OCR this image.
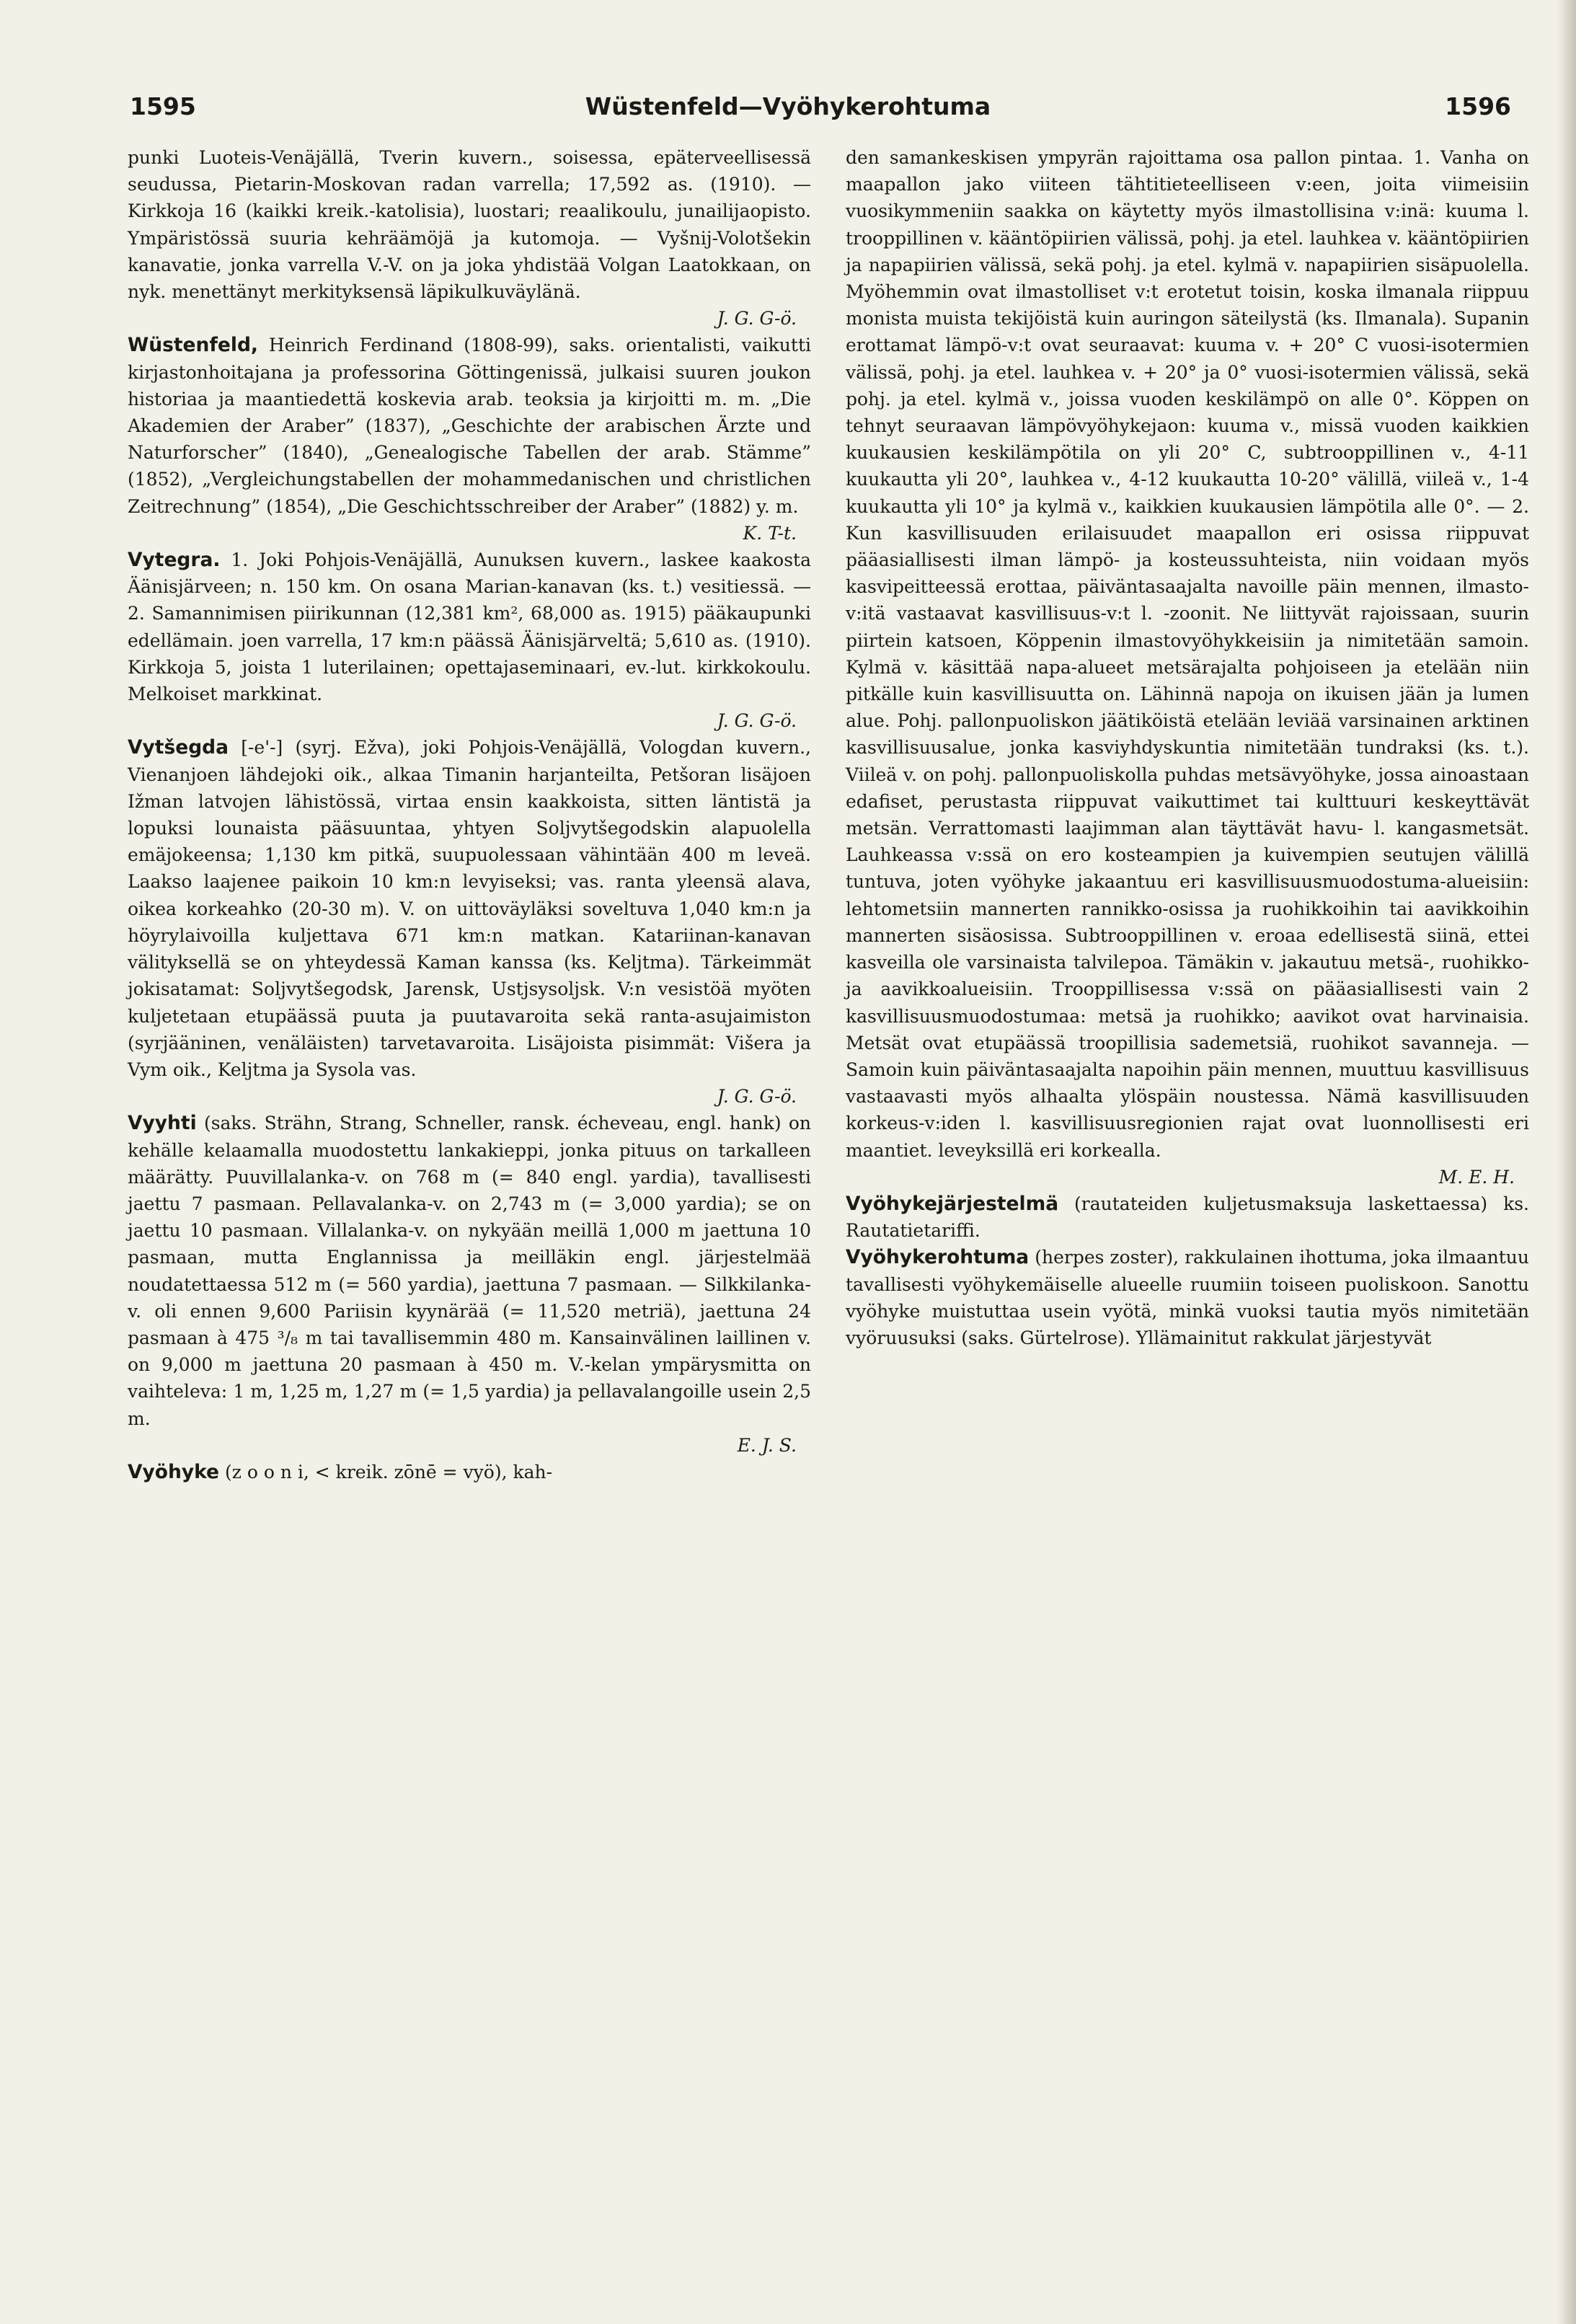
1595	Wüstenfeld—Vyöhykerohtuma	1596

punki Luoteis-Venäjällä, Tverin kuvern., soisessa, epäterveellisessä seudussa, Pietarin-Moskovan radan varrella; 17,592 as. (1910). — Kirkkoja 16 (kaikki kreik.-katolisia), luostari; reaalikoulu, junailijaopisto. Ympäristössä suuria kehräämöjä ja kutomoja. — Vyšnij-Volotšekin kanavatie, jonka varrella V.-V. on ja joka yhdistää Volgan Laatokkaan, on nyk. menettänyt merkityksensä läpikulkuväylänä.
J. G. G-ö.

Wüstenfeld, Heinrich Ferdinand (1808-99), saks. orientalisti, vaikutti kirjastonhoitajana ja professorina Göttingenissä, julkaisi suuren joukon historiaa ja maantiedettä koskevia arab. teoksia ja kirjoitti m. m. „Die Akademien der Araber” (1837), „Geschichte der arabischen Ärzte und Naturforscher” (1840), „Genealogische Tabellen der arab. Stämme” (1852), „Vergleichungstabellen der mohammedanischen und christlichen Zeitrechnung” (1854), „Die Geschichtsschreiber der Araber” (1882) y. m.
K. T-t.

Vytegra. 1. Joki Pohjois-Venäjällä, Aunuksen kuvern., laskee kaakosta Äänisjärveen; n. 150 km. On osana Marian-kanavan (ks. t.) vesitiessä. — 2. Samannimisen piirikunnan (12,381 km², 68,000 as. 1915) pääkaupunki edellämain. joen varrella, 17 km:n päässä Äänisjärveltä; 5,610 as. (1910). Kirkkoja 5, joista 1 luterilainen; opettajaseminaari, ev.-lut. kirkkokoulu. Melkoiset markkinat.
J. G. G-ö.

Vytšegda [-e'-] (syrj. Ežva), joki Pohjois-Venäjällä, Vologdan kuvern., Vienanjoen lähdejoki oik., alkaa Timanin harjanteilta, Petšoran lisäjoen Ižman latvojen lähistössä, virtaa ensin kaakkoista, sitten läntistä ja lopuksi lounaista pääsuuntaa, yhtyen Soljvytšegodskin alapuolella emäjokeensa; 1,130 km pitkä, suupuolessaan vähintään 400 m leveä. Laakso laajenee paikoin 10 km:n levyiseksi; vas. ranta yleensä alava, oikea korkeahko (20-30 m). V. on uittoväyläksi soveltuva 1,040 km:n ja höyrylaivoilla kuljettava 671 km:n matkan. Katariinan-kanavan välityksellä se on yhteydessä Kaman kanssa (ks. Keljtma). Tärkeimmät jokisatamat: Soljvytšegodsk, Jarensk, Ustjsysoljsk. V:n vesistöä myöten kuljetetaan etupäässä puuta ja puutavaroita sekä ranta-asujaimiston (syrjääninen, venäläisten) tarvetavaroita. Lisäjoista pisimmät: Višera ja Vym oik., Keljtma ja Sysola vas.
J. G. G-ö.

Vyyhti (saks. Strähn, Strang, Schneller, ransk. écheveau, engl. hank) on kehälle kelaamalla muodostettu lankakieppi, jonka pituus on tarkalleen määrätty. Puuvillalanka-v. on 768 m (= 840 engl. yardia), tavallisesti jaettu 7 pasmaan. Pellavalanka-v. on 2,743 m (= 3,000 yardia); se on jaettu 10 pasmaan. Villalanka-v. on nykyään meillä 1,000 m jaettuna 10 pasmaan, mutta Englannissa ja meilläkin engl. järjestelmää noudatettaessa 512 m (= 560 yardia), jaettuna 7 pasmaan. — Silkkilanka-v. oli ennen 9,600 Pariisin kyynärää (= 11,520 metriä), jaettuna 24 pasmaan à 475 ³/₈ m tai tavallisemmin 480 m. Kansainvälinen laillinen v. on 9,000 m jaettuna 20 pasmaan à 450 m. V.-kelan ympärysmitta on vaihteleva: 1 m, 1,25 m, 1,27 m (= 1,5 yardia) ja pellavalangoille usein 2,5 m.
E. J. S.

Vyöhyke (z o o n i, < kreik. zōnē = vyö), kah-

den samankeskisen ympyrän rajoittama osa pallon pintaa. 1. Vanha on maapallon jako viiteen tähtitieteelliseen v:een, joita viimeisiin vuosikymmeniin saakka on käytetty myös ilmastollisina v:inä: kuuma l. trooppillinen v. kääntöpiirien välissä, pohj. ja etel. lauhkea v. kääntöpiirien ja napapiirien välissä, sekä pohj. ja etel. kylmä v. napapiirien sisäpuolella. Myöhemmin ovat ilmastolliset v:t erotetut toisin, koska ilmanala riippuu monista muista tekijöistä kuin auringon säteilystä (ks. Ilmanala). Supanin erottamat lämpö-v:t ovat seuraavat: kuuma v. + 20° C vuosi-isotermien välissä, pohj. ja etel. lauhkea v. + 20° ja 0° vuosi-isotermien välissä, sekä pohj. ja etel. kylmä v., joissa vuoden keskilämpö on alle 0°. Köppen on tehnyt seuraavan lämpövyöhykejaon: kuuma v., missä vuoden kaikkien kuukausien keskilämpötila on yli 20° C, subtrooppillinen v., 4-11 kuukautta yli 20°, lauhkea v., 4-12 kuukautta 10-20° välillä, viileä v., 1-4 kuukautta yli 10° ja kylmä v., kaikkien kuukausien lämpötila alle 0°. — 2. Kun kasvillisuuden erilaisuudet maapallon eri osissa riippuvat pääasiallisesti ilman lämpö- ja kosteussuhteista, niin voidaan myös kasvipeitteessä erottaa, päiväntasaajalta navoille päin mennen, ilmasto-v:itä vastaavat kasvillisuus-v:t l. -zoonit. Ne liittyvät rajoissaan, suurin piirtein katsoen, Köppenin ilmastovyöhykkeisiin ja nimitetään samoin. Kylmä v. käsittää napa-alueet metsärajalta pohjoiseen ja etelään niin pitkälle kuin kasvillisuutta on. Lähinnä napoja on ikuisen jään ja lumen alue. Pohj. pallonpuoliskon jäätiköistä etelään leviää varsinainen arktinen kasvillisuusalue, jonka kasviyhdyskuntia nimitetään tundraksi (ks. t.). Viileä v. on pohj. pallonpuoliskolla puhdas metsävyöhyke, jossa ainoastaan edafiset, perustasta riippuvat vaikuttimet tai kulttuuri keskeyttävät metsän. Verrattomasti laajimman alan täyttävät havu- l. kangasmetsät. Lauhkeassa v:ssä on ero kosteampien ja kuivempien seutujen välillä tuntuva, joten vyöhyke jakaantuu eri kasvillisuusmuodostuma-alueisiin: lehtometsiin mannerten rannikko-osissa ja ruohikkoihin tai aavikkoihin mannerten sisäosissa. Subtrooppillinen v. eroaa edellisestä siinä, ettei kasveilla ole varsinaista talvilepoa. Tämäkin v. jakautuu metsä-, ruohikko- ja aavikkoalueisiin. Trooppillisessa v:ssä on pääasiallisesti vain 2 kasvillisuusmuodostumaa: metsä ja ruohikko; aavikot ovat harvinaisia. Metsät ovat etupäässä troopillisia sademetsiä, ruohikot savanneja. — Samoin kuin päiväntasaajalta napoihin päin mennen, muuttuu kasvillisuus vastaavasti myös alhaalta ylöspäin noustessa. Nämä kasvillisuuden korkeus-v:iden l. kasvillisuusregionien rajat ovat luonnollisesti eri maantiet. leveyksillä eri korkealla.
M. E. H.

Vyöhykejärjestelmä (rautateiden kuljetusmaksuja laskettaessa) ks. Rautatietariffi.

Vyöhykerohtuma (herpes zoster), rakkulainen ihottuma, joka ilmaantuu tavallisesti vyöhykemäiselle alueelle ruumiin toiseen puoliskoon. Sanottu vyöhyke muistuttaa usein vyötä, minkä vuoksi tautia myös nimitetään vyöruusuksi (saks. Gürtelrose). Yllämainitut rakkulat järjestyvät
